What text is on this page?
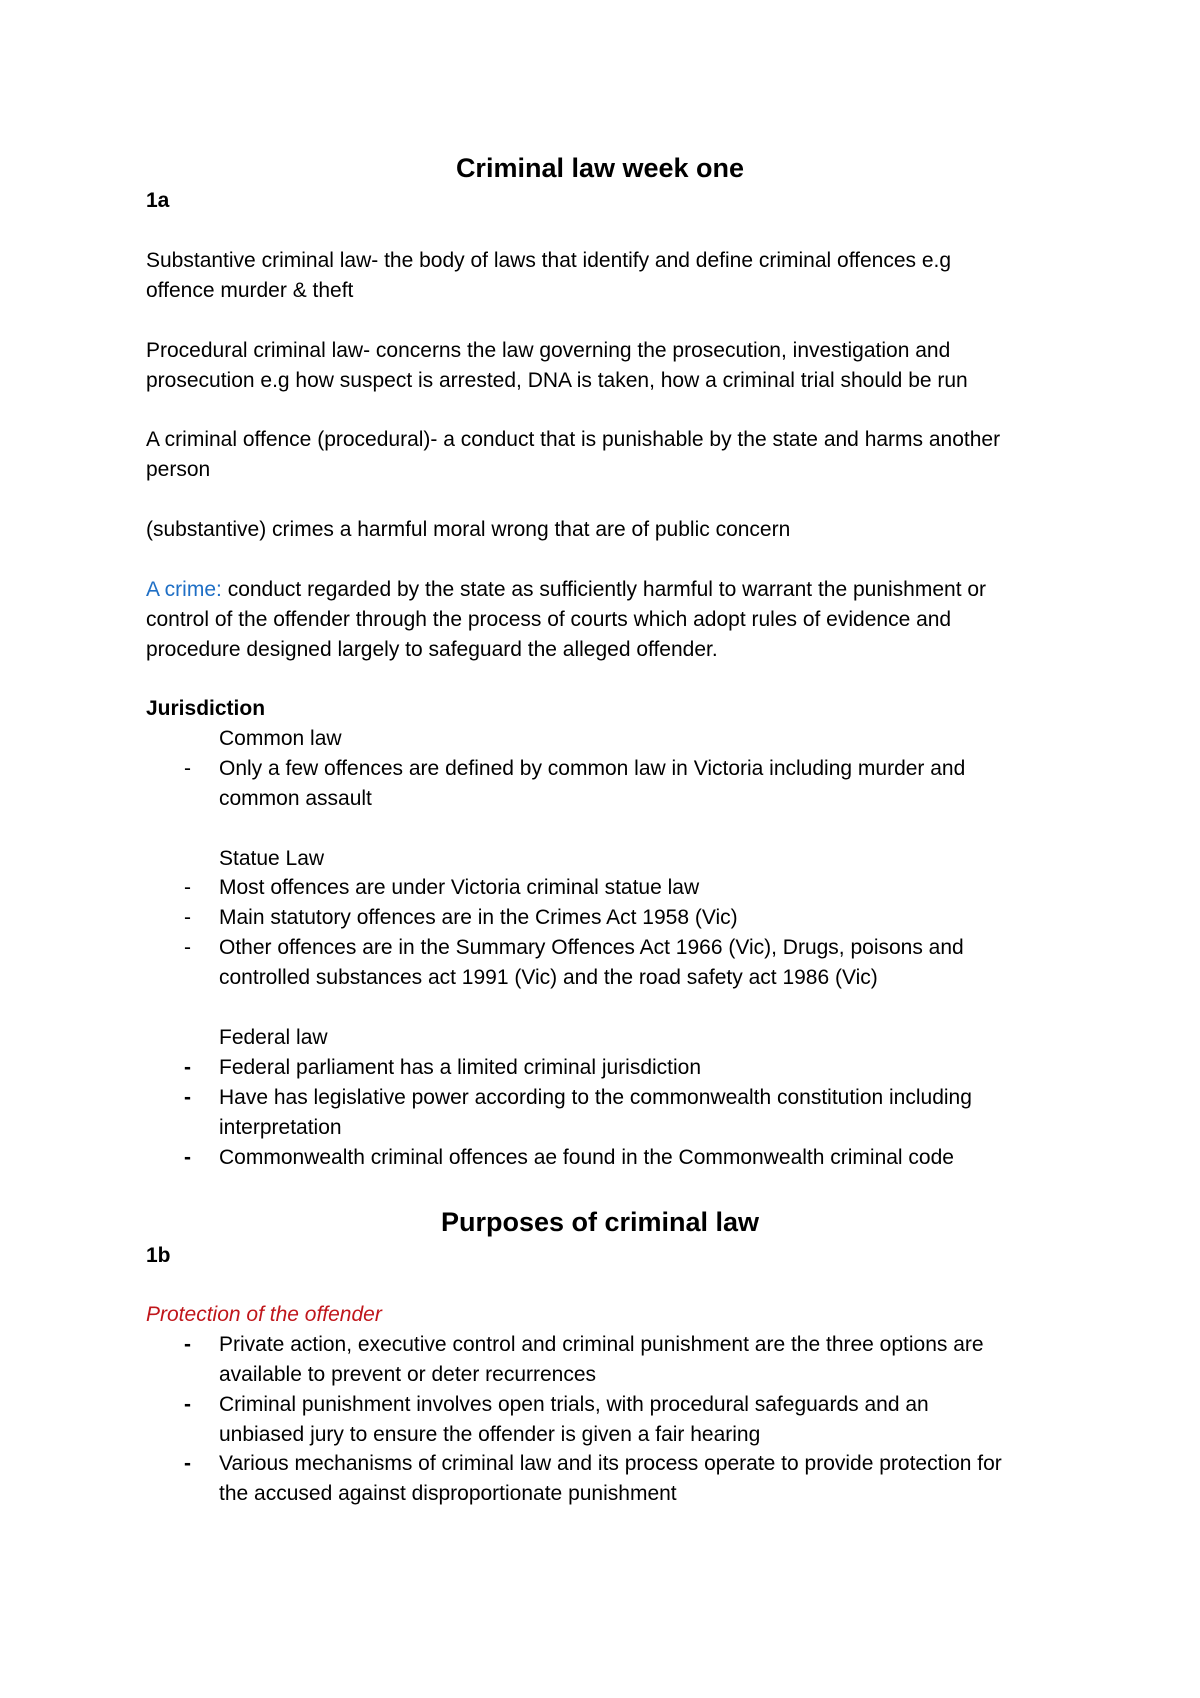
Criminal law week one
1a
Substantive criminal law- the body of laws that identify and define criminal offences e.g
offence murder & theft
Procedural criminal law- concerns the law governing the prosecution, investigation and
prosecution e.g how suspect is arrested, DNA is taken, how a criminal trial should be run
A criminal offence (procedural)- a conduct that is punishable by the state and harms another
person
(substantive) crimes a harmful moral wrong that are of public concern
A crime: conduct regarded by the state as sufficiently harmful to warrant the punishment or
control of the offender through the process of courts which adopt rules of evidence and
procedure designed largely to safeguard the alleged offender.
Jurisdiction
Common law
- Only a few offences are defined by common law in Victoria including murder and
common assault
Statue Law
- Most offences are under Victoria criminal statue law
- Main statutory offences are in the Crimes Act 1958 (Vic)
- Other offences are in the Summary Offences Act 1966 (Vic), Drugs, poisons and
controlled substances act 1991 (Vic) and the road safety act 1986 (Vic)
Federal law
- Federal parliament has a limited criminal jurisdiction
- Have has legislative power according to the commonwealth constitution including
interpretation
- Commonwealth criminal offences ae found in the Commonwealth criminal code
Purposes of criminal law
1b
Protection of the offender
- Private action, executive control and criminal punishment are the three options are
available to prevent or deter recurrences
- Criminal punishment involves open trials, with procedural safeguards and an
unbiased jury to ensure the offender is given a fair hearing
- Various mechanisms of criminal law and its process operate to provide protection for
the accused against disproportionate punishment
